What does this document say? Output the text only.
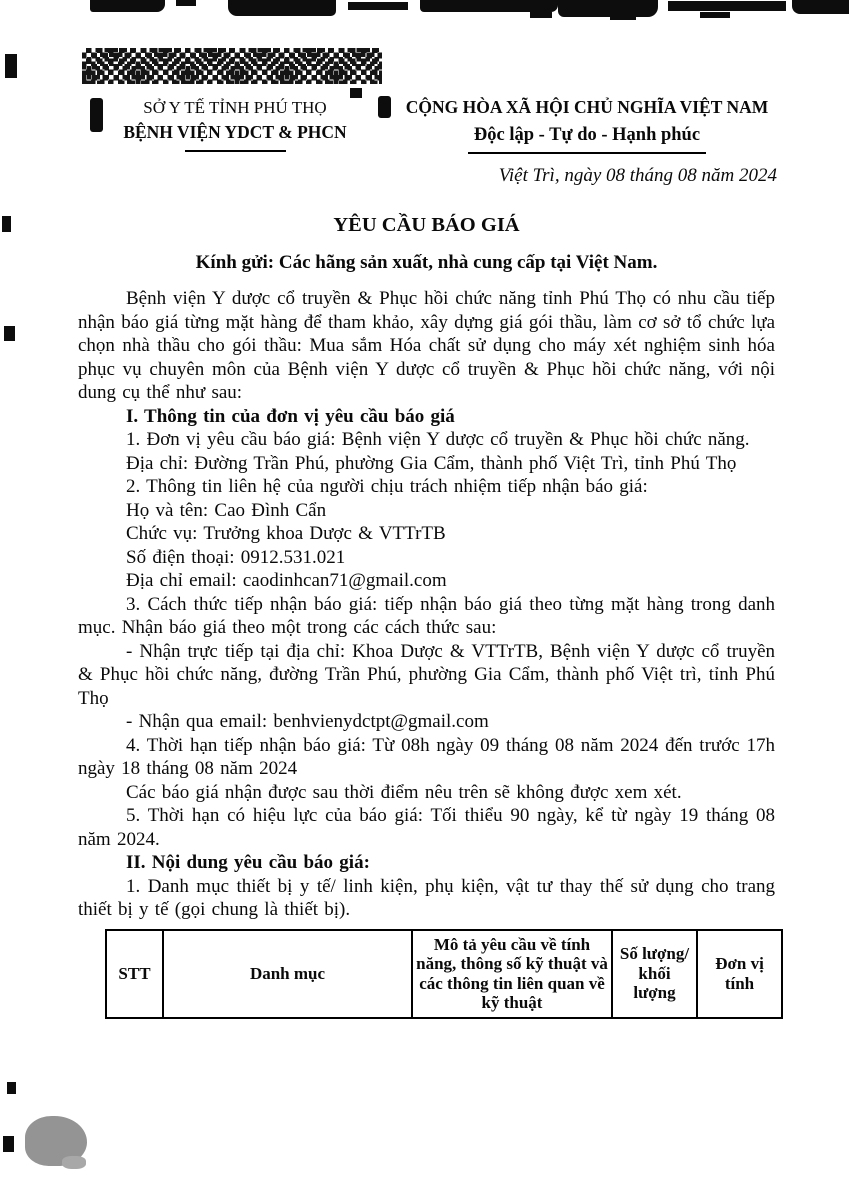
SỞ Y TẾ TỈNH PHÚ THỌ
BỆNH VIỆN YDCT & PHCN
CỘNG HÒA XÃ HỘI CHỦ NGHĨA VIỆT NAM
Độc lập - Tự do - Hạnh phúc
Việt Trì, ngày 08 tháng 08 năm 2024

YÊU CẦU BÁO GIÁ

Kính gửi: Các hãng sản xuất, nhà cung cấp tại Việt Nam.

Bệnh viện Y dược cổ truyền & Phục hồi chức năng tỉnh Phú Thọ có nhu cầu tiếp nhận báo giá từng mặt hàng để tham khảo, xây dựng giá gói thầu, làm cơ sở tổ chức lựa chọn nhà thầu cho gói thầu: Mua sắm Hóa chất sử dụng cho máy xét nghiệm sinh hóa phục vụ chuyên môn của Bệnh viện Y dược cổ truyền & Phục hồi chức năng, với nội dung cụ thể như sau:

I. Thông tin của đơn vị yêu cầu báo giá

1. Đơn vị yêu cầu báo giá: Bệnh viện Y dược cổ truyền & Phục hồi chức năng.

Địa chỉ: Đường Trần Phú, phường Gia Cẩm, thành phố Việt Trì, tỉnh Phú Thọ

2. Thông tin liên hệ của người chịu trách nhiệm tiếp nhận báo giá:

Họ và tên: Cao Đình Cẩn

Chức vụ: Trưởng khoa Dược & VTTrTB

Số điện thoại: 0912.531.021

Địa chỉ email: caodinhcan71@gmail.com

3. Cách thức tiếp nhận báo giá: tiếp nhận báo giá theo từng mặt hàng trong danh mục. Nhận báo giá theo một trong các cách thức sau:

- Nhận trực tiếp tại địa chỉ: Khoa Dược & VTTrTB, Bệnh viện Y dược cổ truyền & Phục hồi chức năng, đường Trần Phú, phường Gia Cẩm, thành phố Việt trì, tỉnh Phú Thọ

- Nhận qua email: benhvienydctpt@gmail.com

4. Thời hạn tiếp nhận báo giá: Từ 08h ngày 09 tháng 08 năm 2024 đến trước 17h ngày 18 tháng 08 năm 2024

Các báo giá nhận được sau thời điểm nêu trên sẽ không được xem xét.

5. Thời hạn có hiệu lực của báo giá: Tối thiểu 90 ngày, kể từ ngày 19 tháng 08 năm 2024.

II. Nội dung yêu cầu báo giá:

1. Danh mục thiết bị y tế/ linh kiện, phụ kiện, vật tư thay thế sử dụng cho trang thiết bị y tế (gọi chung là thiết bị).

STT	Danh mục	Mô tả yêu cầu về tính năng, thông số kỹ thuật và các thông tin liên quan về kỹ thuật	Số lượng/ khối lượng	Đơn vị tính
